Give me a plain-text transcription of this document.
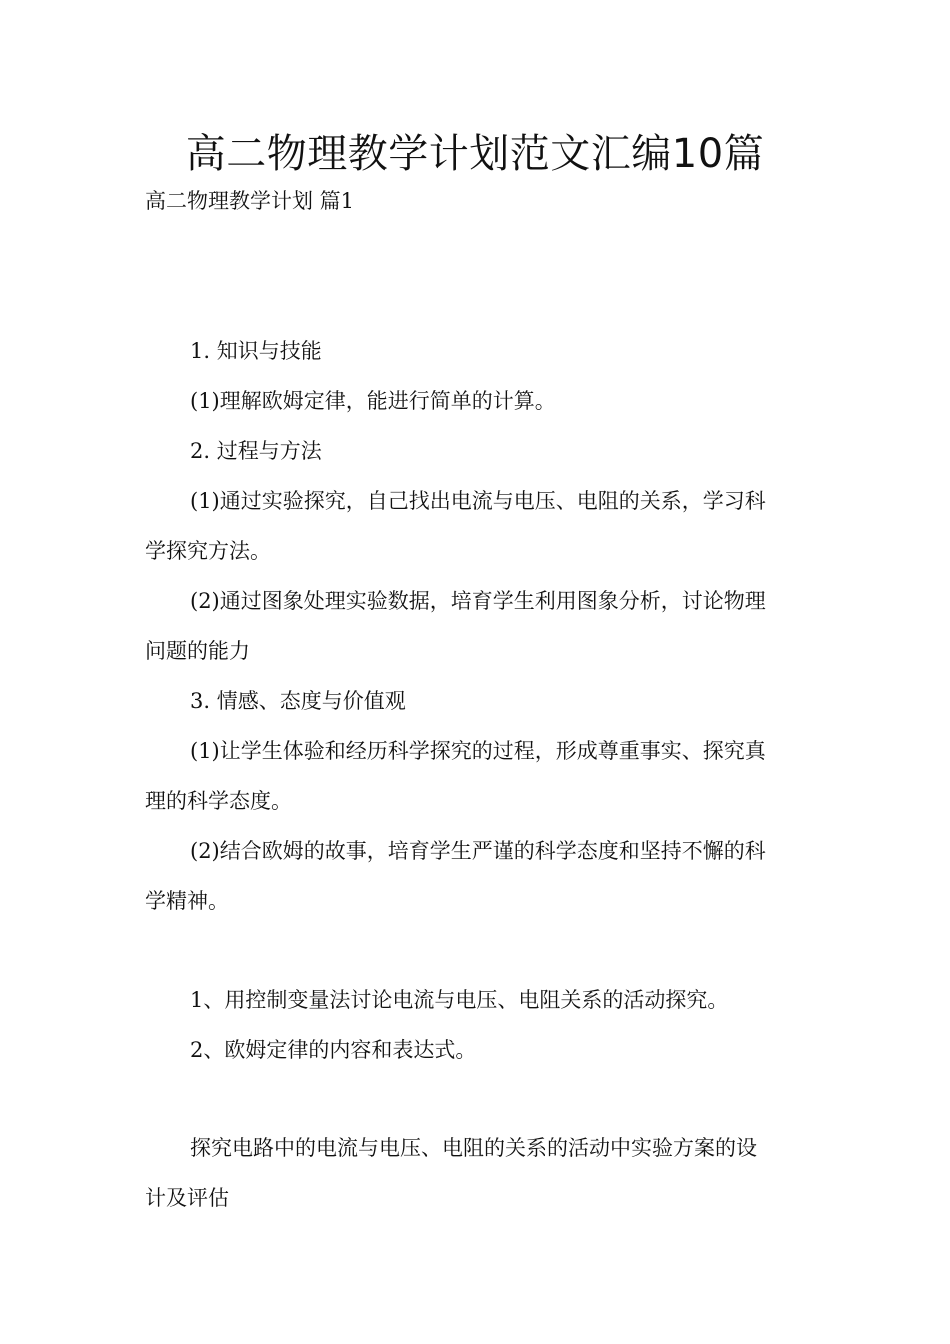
高二物理教学计划范文汇编10篇
高二物理教学计划 篇1
1. 知识与技能
(1)理解欧姆定律，能进行简单的计算。
2. 过程与方法
(1)通过实验探究，自己找出电流与电压、电阻的关系，学习科
学探究方法。
(2)通过图象处理实验数据，培育学生利用图象分析，讨论物理
问题的能力
3. 情感、态度与价值观
(1)让学生体验和经历科学探究的过程，形成尊重事实、探究真
理的科学态度。
(2)结合欧姆的故事，培育学生严谨的科学态度和坚持不懈的科
学精神。
1、用控制变量法讨论电流与电压、电阻关系的活动探究。
2、欧姆定律的内容和表达式。
探究电路中的电流与电压、电阻的关系的活动中实验方案的设
计及评估
